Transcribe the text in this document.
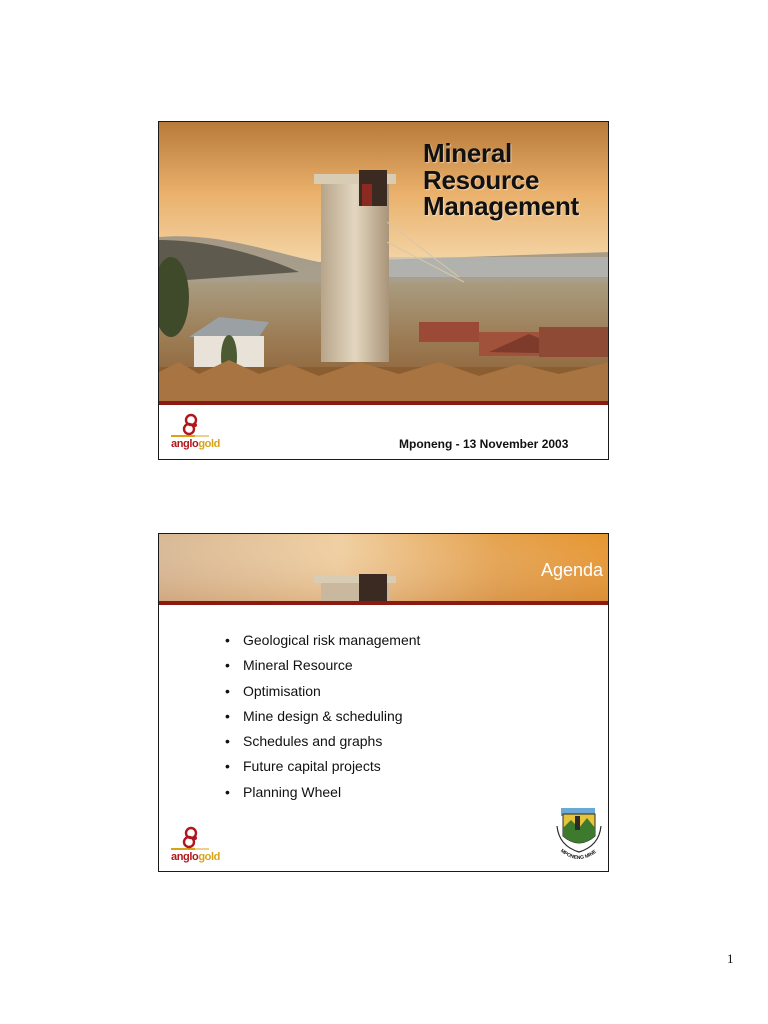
Mineral
Resource
Management
anglogold	Mponeng - 13 November 2003
Agenda
• Geological risk management
• Mineral Resource
• Optimisation
• Mine design & scheduling
• Schedules and graphs
• Future capital projects
• Planning Wheel
anglogold	MPONENG MINE
1
